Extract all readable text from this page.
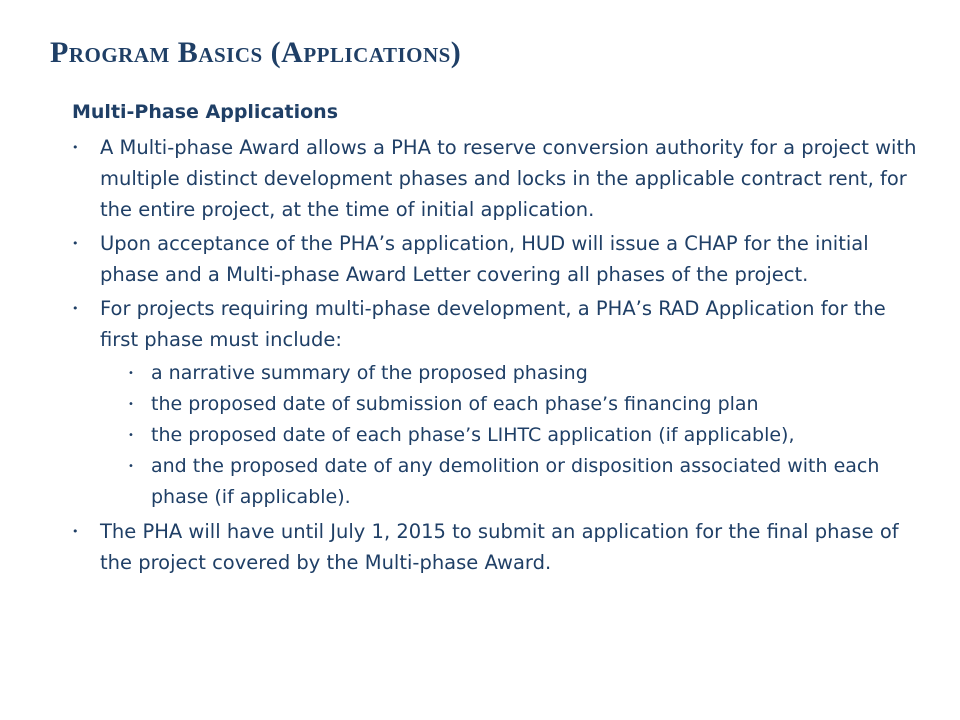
Program Basics (Applications)
Multi-Phase Applications
• A Multi-phase Award allows a PHA to reserve conversion authority for a project with multiple distinct development phases and locks in the applicable contract rent, for the entire project, at the time of initial application.
• Upon acceptance of the PHA’s application, HUD will issue a CHAP for the initial phase and a Multi-phase Award Letter covering all phases of the project.
• For projects requiring multi-phase development, a PHA’s RAD Application for the first phase must include:
• a narrative summary of the proposed phasing
• the proposed date of submission of each phase’s financing plan
• the proposed date of each phase’s LIHTC application (if applicable),
• and the proposed date of any demolition or disposition associated with each phase (if applicable).
• The PHA will have until July 1, 2015 to submit an application for the final phase of the project covered by the Multi-phase Award.
